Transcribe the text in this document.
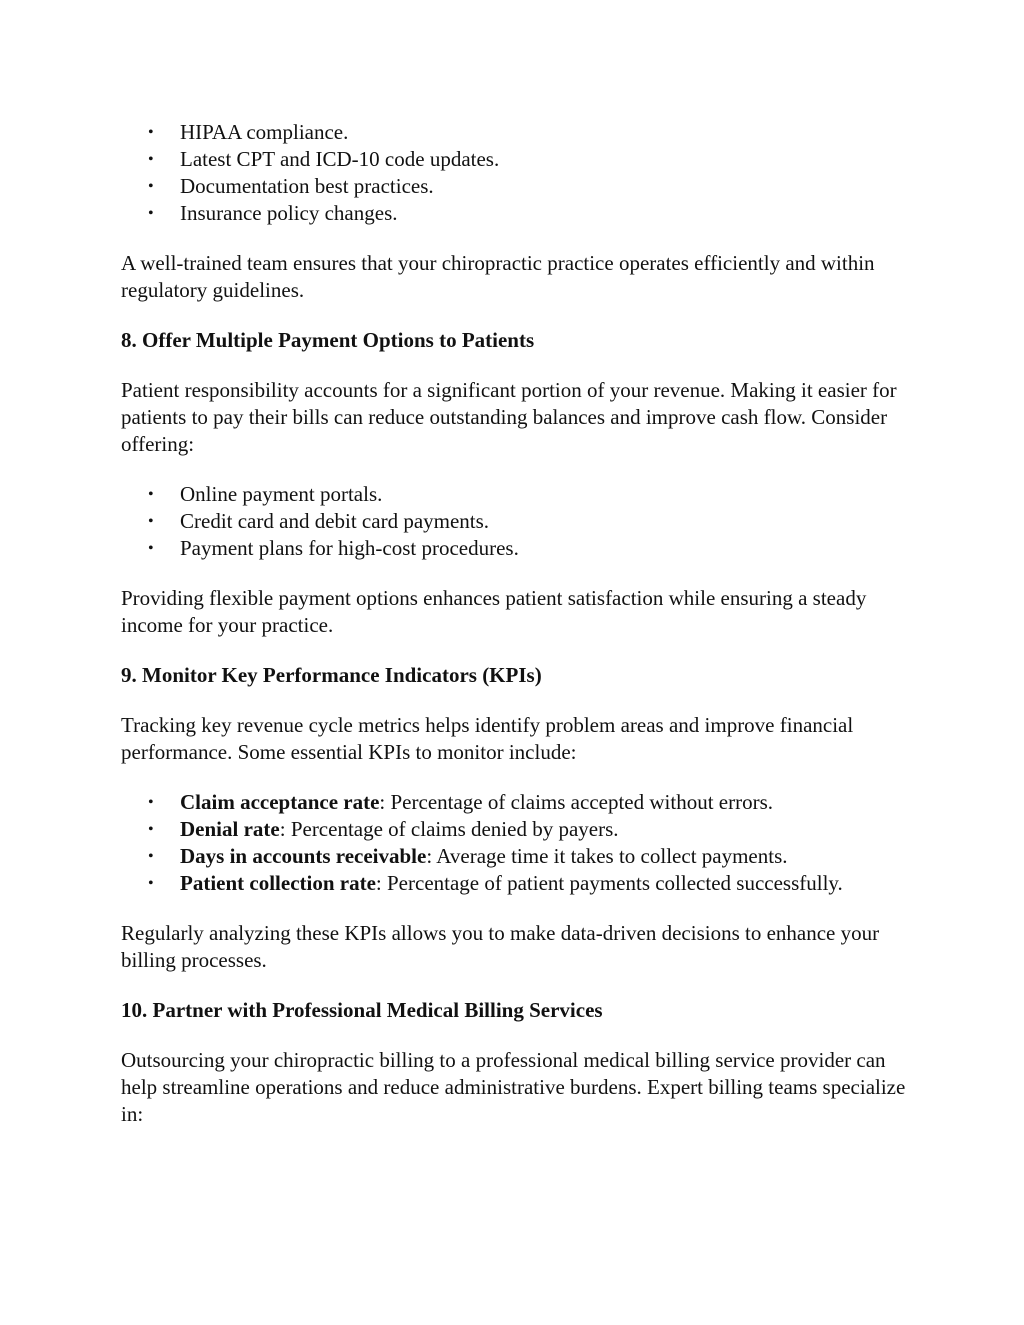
• HIPAA compliance.
• Latest CPT and ICD-10 code updates.
• Documentation best practices.
• Insurance policy changes.

A well-trained team ensures that your chiropractic practice operates efficiently and within regulatory guidelines.

8. Offer Multiple Payment Options to Patients

Patient responsibility accounts for a significant portion of your revenue. Making it easier for patients to pay their bills can reduce outstanding balances and improve cash flow. Consider offering:

• Online payment portals.
• Credit card and debit card payments.
• Payment plans for high-cost procedures.

Providing flexible payment options enhances patient satisfaction while ensuring a steady income for your practice.

9. Monitor Key Performance Indicators (KPIs)

Tracking key revenue cycle metrics helps identify problem areas and improve financial performance. Some essential KPIs to monitor include:

• Claim acceptance rate: Percentage of claims accepted without errors.
• Denial rate: Percentage of claims denied by payers.
• Days in accounts receivable: Average time it takes to collect payments.
• Patient collection rate: Percentage of patient payments collected successfully.

Regularly analyzing these KPIs allows you to make data-driven decisions to enhance your billing processes.

10. Partner with Professional Medical Billing Services

Outsourcing your chiropractic billing to a professional medical billing service provider can help streamline operations and reduce administrative burdens. Expert billing teams specialize in:
